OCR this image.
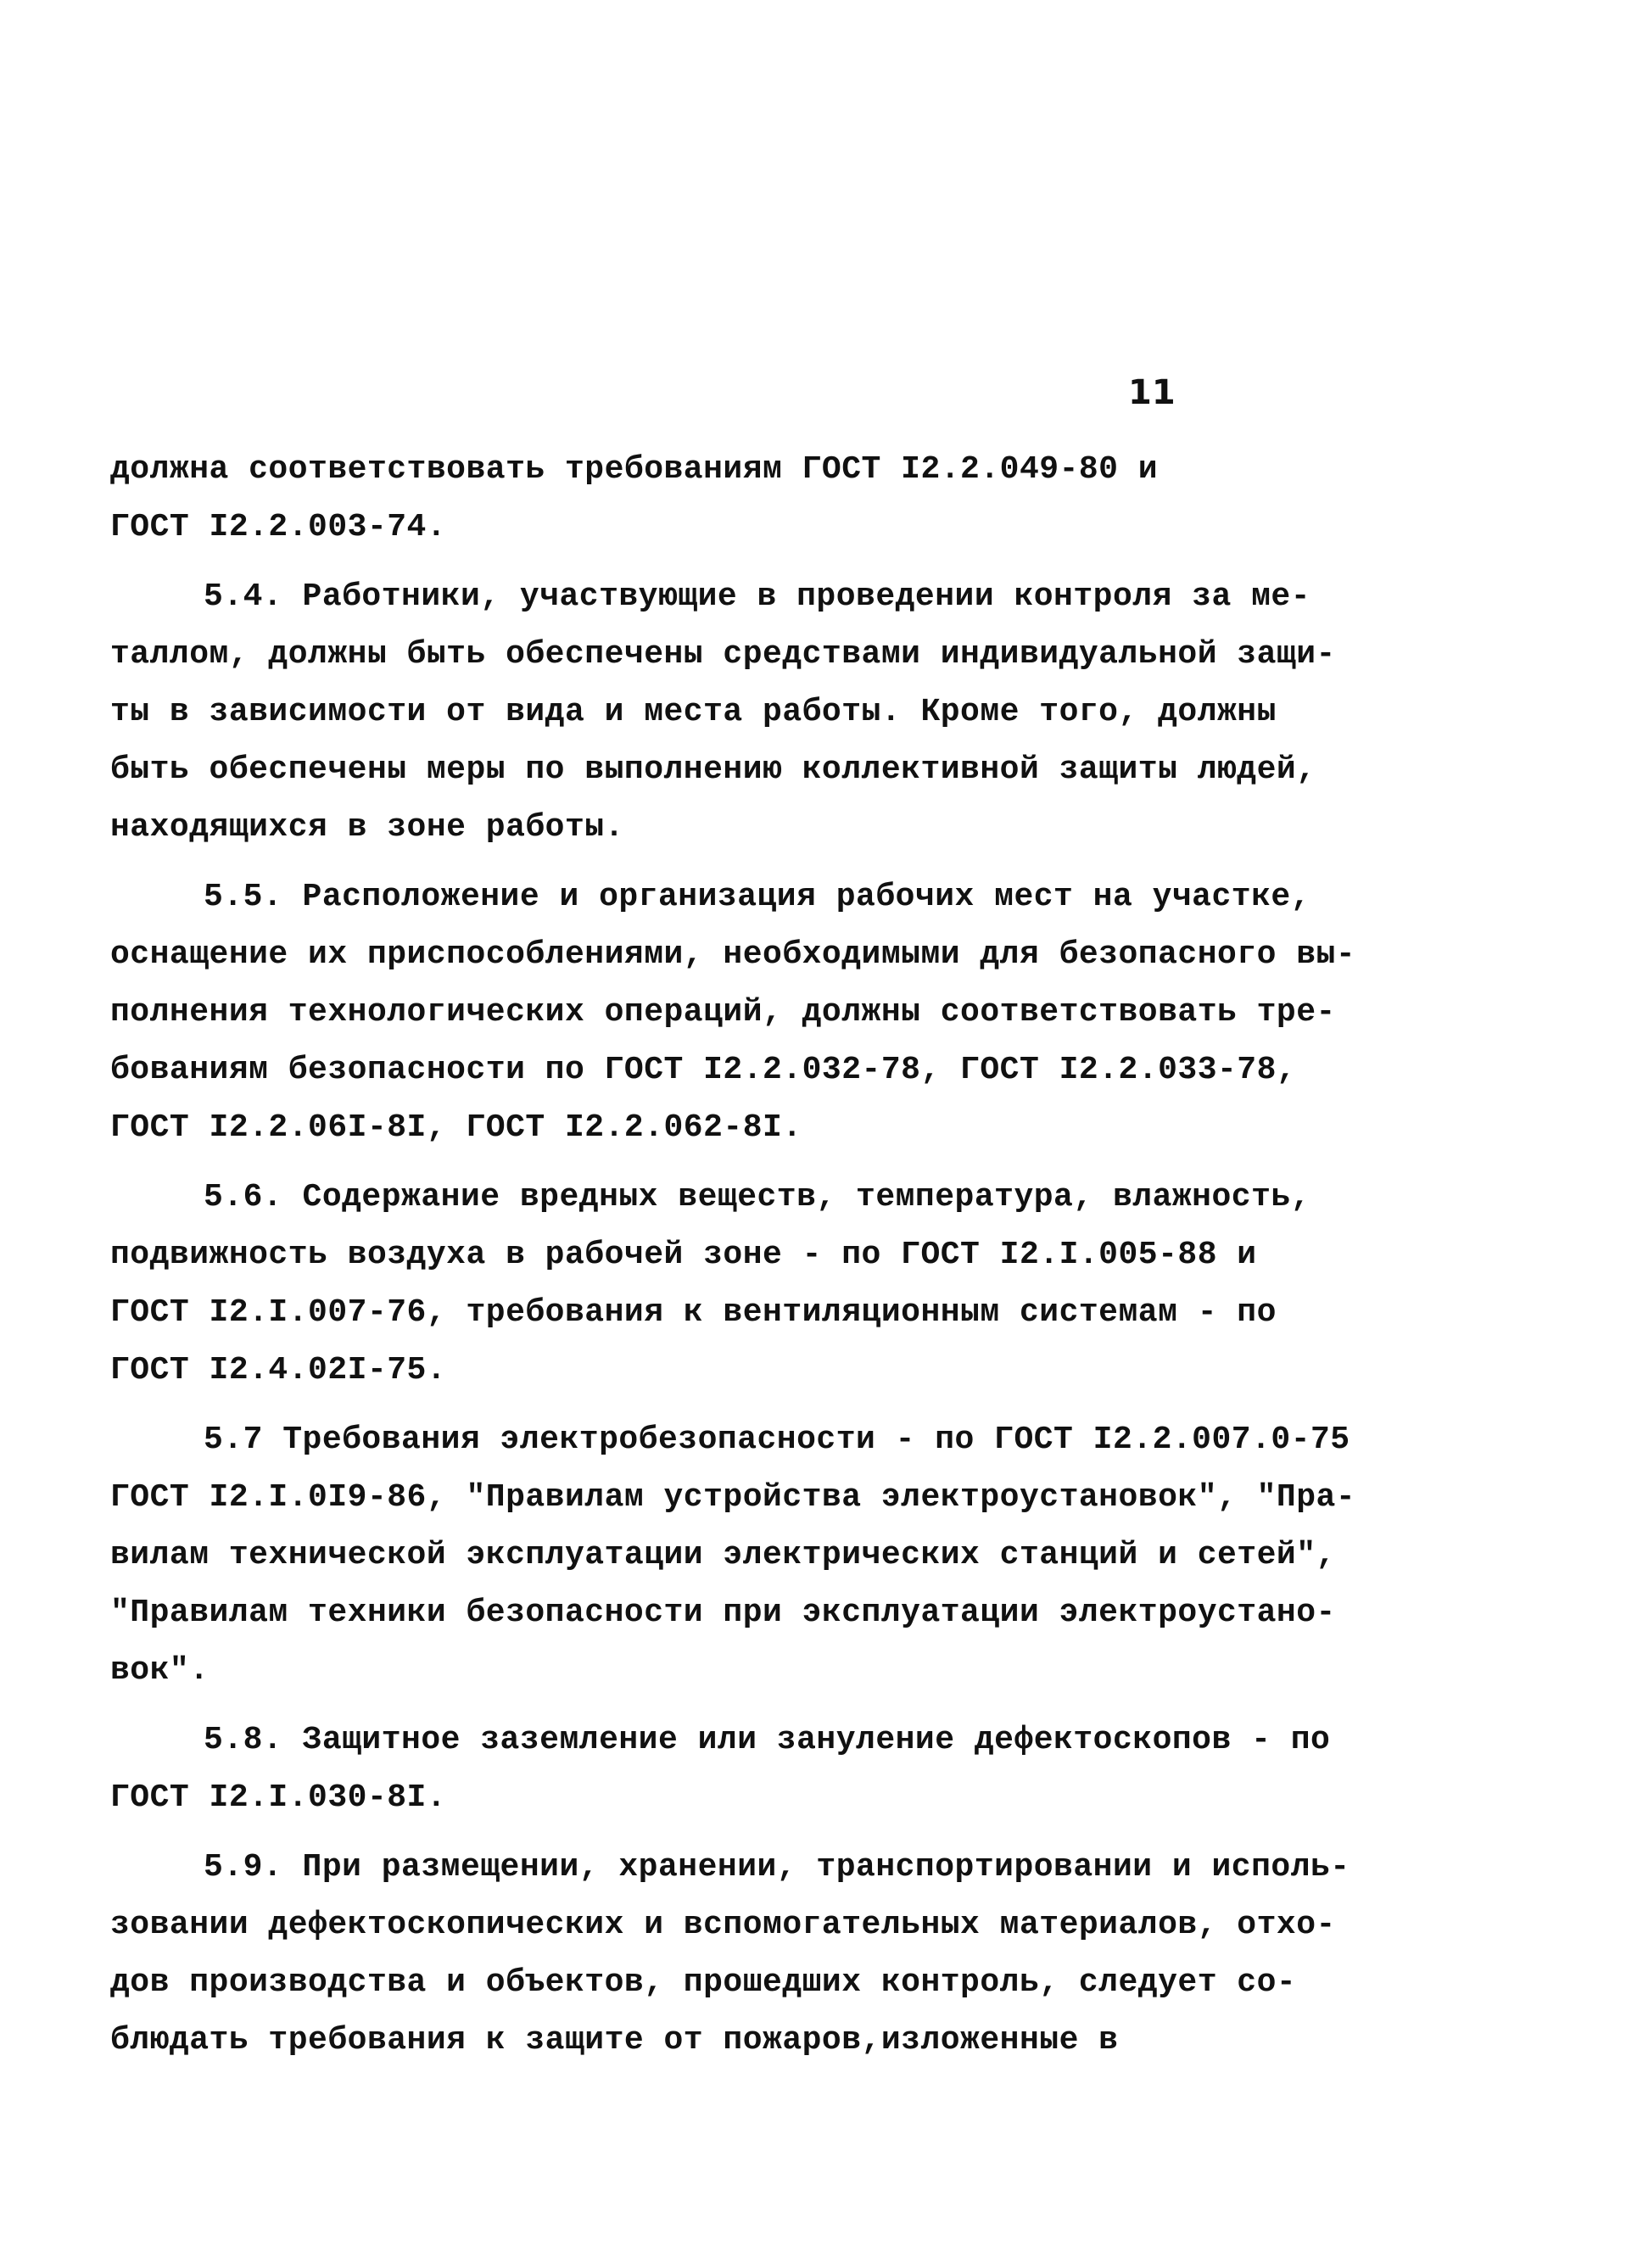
11
должна соответствовать требованиям ГОСТ I2.2.049-80 и
ГОСТ I2.2.003-74.
5.4. Работники, участвующие в проведении контроля за ме-
таллом, должны быть обеспечены средствами индивидуальной защи-
ты в зависимости от вида и места работы. Кроме того, должны
быть обеспечены меры по выполнению коллективной защиты людей,
находящихся в зоне работы.
5.5. Расположение и организация рабочих мест на участке,
оснащение их приспособлениями, необходимыми для безопасного вы-
полнения технологических операций, должны соответствовать тре-
бованиям безопасности по ГОСТ I2.2.032-78, ГОСТ I2.2.033-78,
ГОСТ I2.2.06I-8I, ГОСТ I2.2.062-8I.
5.6. Содержание вредных веществ, температура, влажность,
подвижность воздуха в рабочей зоне - по ГОСТ I2.I.005-88 и
ГОСТ I2.I.007-76, требования к вентиляционным системам - по
ГОСТ I2.4.02I-75.
5.7 Требования электробезопасности - по ГОСТ I2.2.007.0-75
ГОСТ I2.I.0I9-86, "Правилам устройства электроустановок", "Пра-
вилам технической эксплуатации электрических станций и сетей",
"Правилам техники безопасности при эксплуатации электроустано-
вок".
5.8. Защитное заземление или зануление дефектоскопов - по
ГОСТ I2.I.030-8I.
5.9. При размещении, хранении, транспортировании и исполь-
зовании дефектоскопических и вспомогательных материалов, отхо-
дов производства и объектов, прошедших контроль, следует со-
блюдать требования к защите от пожаров,изложенные в
